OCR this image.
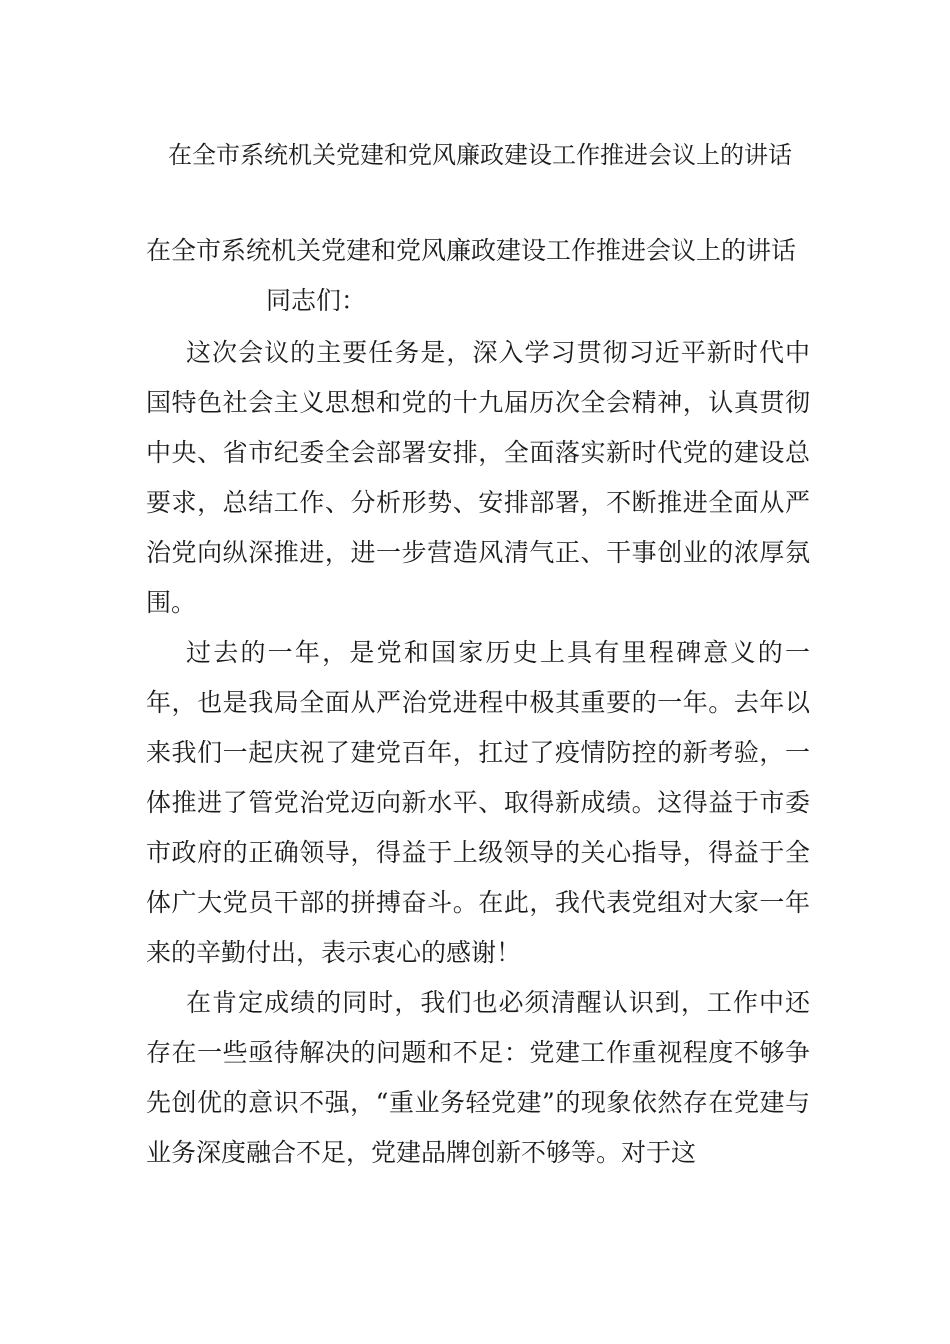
在全市系统机关党建和党风廉政建设工作推进会议上的讲话

在全市系统机关党建和党风廉政建设工作推进会议上的讲话

同志们：

这次会议的主要任务是，深入学习贯彻习近平新时代中国特色社会主义思想和党的十九届历次全会精神，认真贯彻中央、省市纪委全会部署安排，全面落实新时代党的建设总要求，总结工作、分析形势、安排部署，不断推进全面从严治党向纵深推进，进一步营造风清气正、干事创业的浓厚氛围。

过去的一年，是党和国家历史上具有里程碑意义的一年，也是我局全面从严治党进程中极其重要的一年。去年以来我们一起庆祝了建党百年，扛过了疫情防控的新考验，一体推进了管党治党迈向新水平、取得新成绩。这得益于市委市政府的正确领导，得益于上级领导的关心指导，得益于全体广大党员干部的拼搏奋斗。在此，我代表党组对大家一年来的辛勤付出，表示衷心的感谢！

在肯定成绩的同时，我们也必须清醒认识到，工作中还存在一些亟待解决的问题和不足：党建工作重视程度不够争先创优的意识不强，“重业务轻党建”的现象依然存在党建与业务深度融合不足，党建品牌创新不够等。对于这
